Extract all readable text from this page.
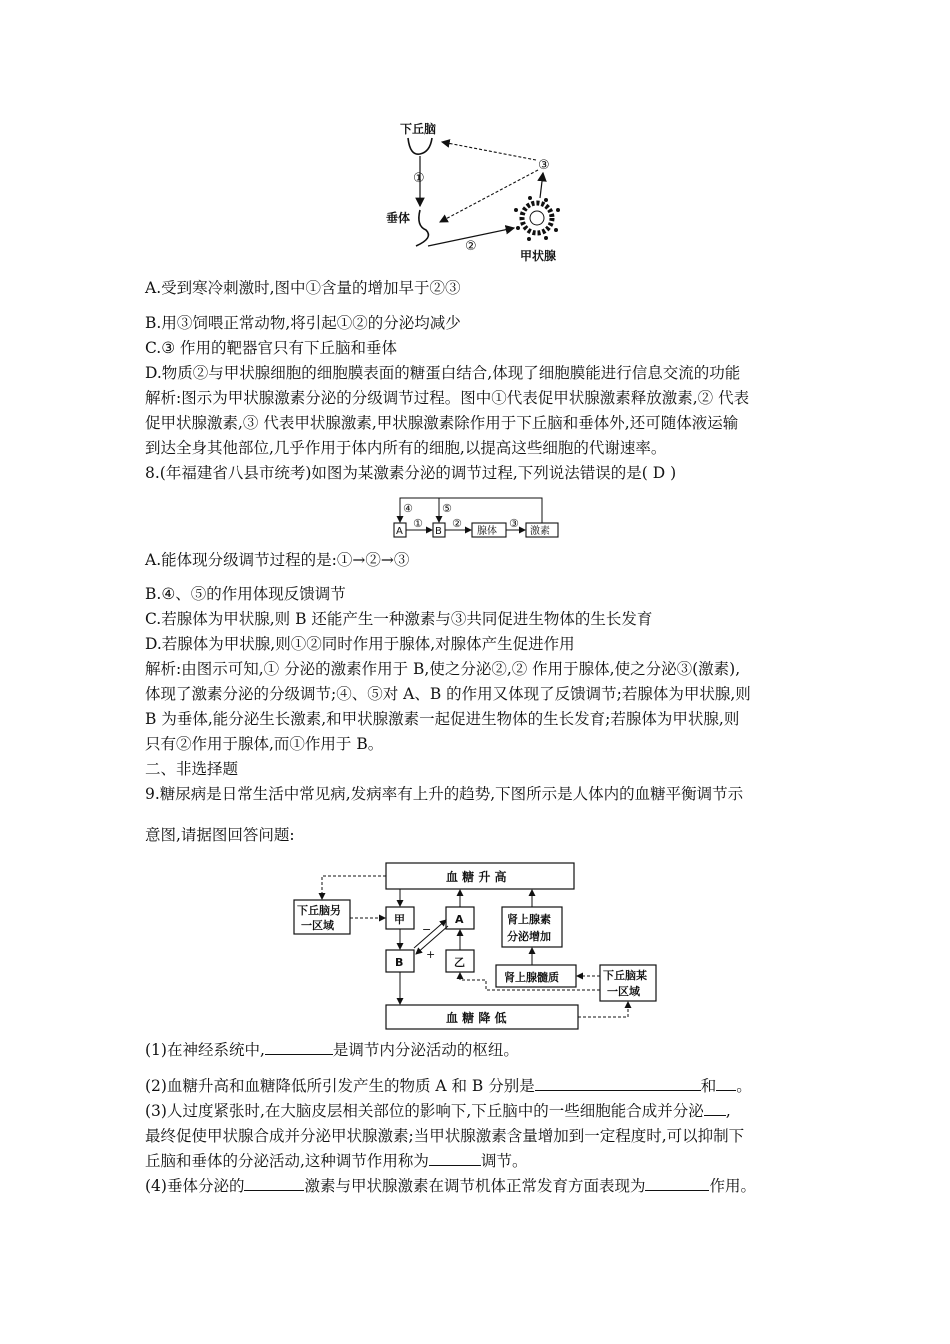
下丘脑
①
垂体
②
甲状腺
③
A.受到寒冷刺激时,图中①含量的增加早于②③
B.用③饲喂正常动物,将引起①②的分泌均减少
C.③ 作用的靶器官只有下丘脑和垂体
D.物质②与甲状腺细胞的细胞膜表面的糖蛋白结合,体现了细胞膜能进行信息交流的功能
解析:图示为甲状腺激素分泌的分级调节过程。图中①代表促甲状腺激素释放激素,② 代表
促甲状腺激素,③ 代表甲状腺激素,甲状腺激素除作用于下丘脑和垂体外,还可随体液运输
到达全身其他部位,几乎作用于体内所有的细胞,以提高这些细胞的代谢速率。
8.(年福建省八县市统考)如图为某激素分泌的调节过程,下列说法错误的是( D )
A	B	腺体	激素
①	②	③
④	⑤
A.能体现分级调节过程的是:①→②→③
B.④、⑤的作用体现反馈调节
C.若腺体为甲状腺,则 B 还能产生一种激素与③共同促进生物体的生长发育
D.若腺体为甲状腺,则①②同时作用于腺体,对腺体产生促进作用
解析:由图示可知,① 分泌的激素作用于 B,使之分泌②,② 作用于腺体,使之分泌③(激素),
体现了激素分泌的分级调节;④、⑤对 A、B 的作用又体现了反馈调节;若腺体为甲状腺,则
B 为垂体,能分泌生长激素,和甲状腺激素一起促进生物体的生长发育;若腺体为甲状腺,则
只有②作用于腺体,而①作用于 B。
二、非选择题
9.糖尿病是日常生活中常见病,发病率有上升的趋势,下图所示是人体内的血糖平衡调节示
意图,请据图回答问题:
血 糖 升 高
血 糖 降 低
下丘脑另
一区域	甲
B
A
乙
肾上腺素
分泌增加
肾上腺髓质	下丘脑某
一区域
−
+
(1)在神经系统中,	是调节内分泌活动的枢纽。
(2)血糖升高和血糖降低所引发产生的物质 A 和 B 分别是	和 。
(3)人过度紧张时,在大脑皮层相关部位的影响下,下丘脑中的一些细胞能合成并分泌 ,
最终促使甲状腺合成并分泌甲状腺激素;当甲状腺激素含量增加到一定程度时,可以抑制下
丘脑和垂体的分泌活动,这种调节作用称为	调节。
(4)垂体分泌的	激素与甲状腺激素在调节机体正常发育方面表现为	作用。
